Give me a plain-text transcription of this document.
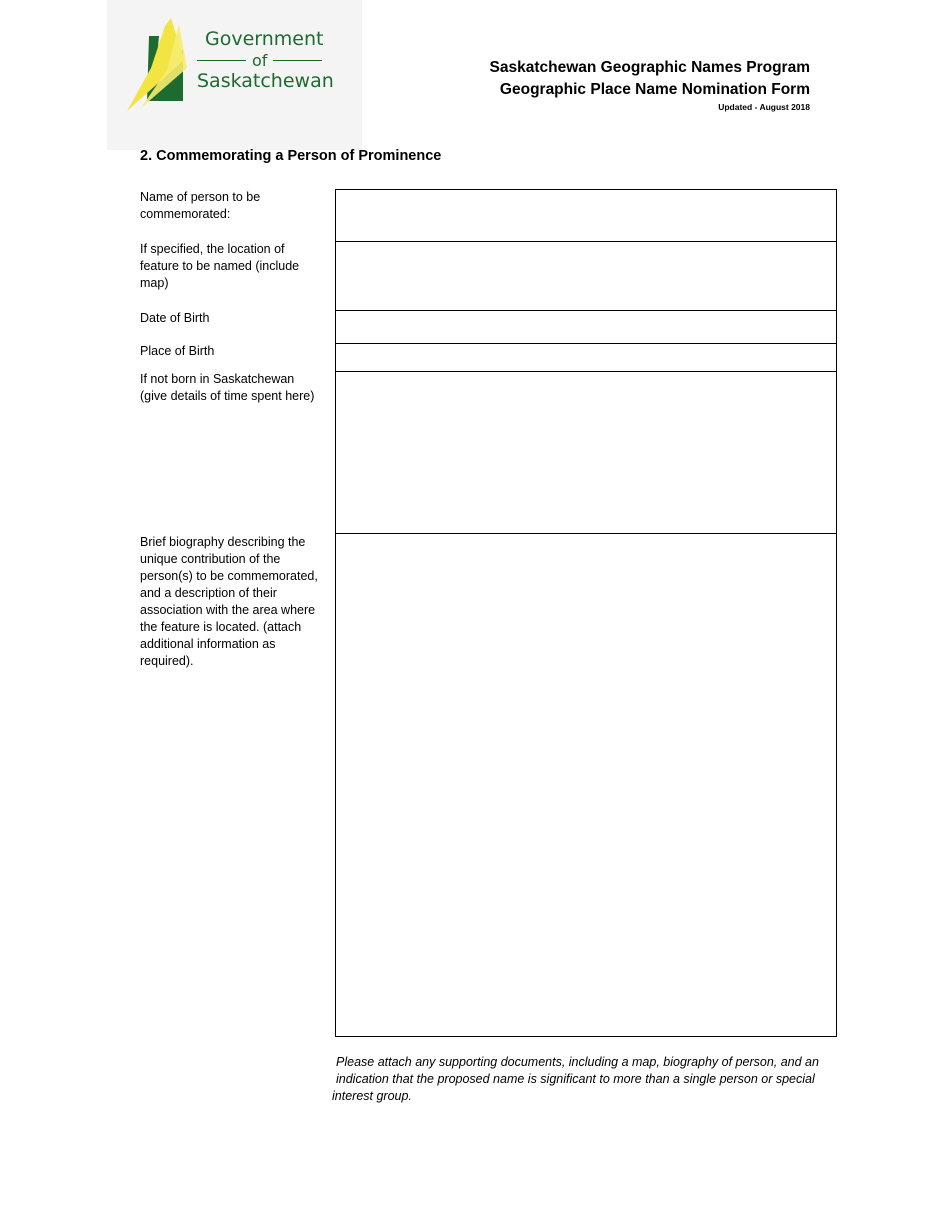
Government
of
Saskatchewan
Saskatchewan Geographic Names Program
Geographic Place Name Nomination Form
Updated - August 2018
2. Commemorating a Person of Prominence
Name of person to be
commemorated:
If specified, the location of
feature to be named (include
map)
Date of Birth
Place of Birth
If not born in Saskatchewan
(give details of time spent here)
Brief biography describing the
unique contribution of the
person(s) to be commemorated,
and a description of their
association with the area where
the feature is located. (attach
additional information as
required).
Please attach any supporting documents, including a map, biography of person, and an
indication that the proposed name is significant to more than a single person or special
interest group.
